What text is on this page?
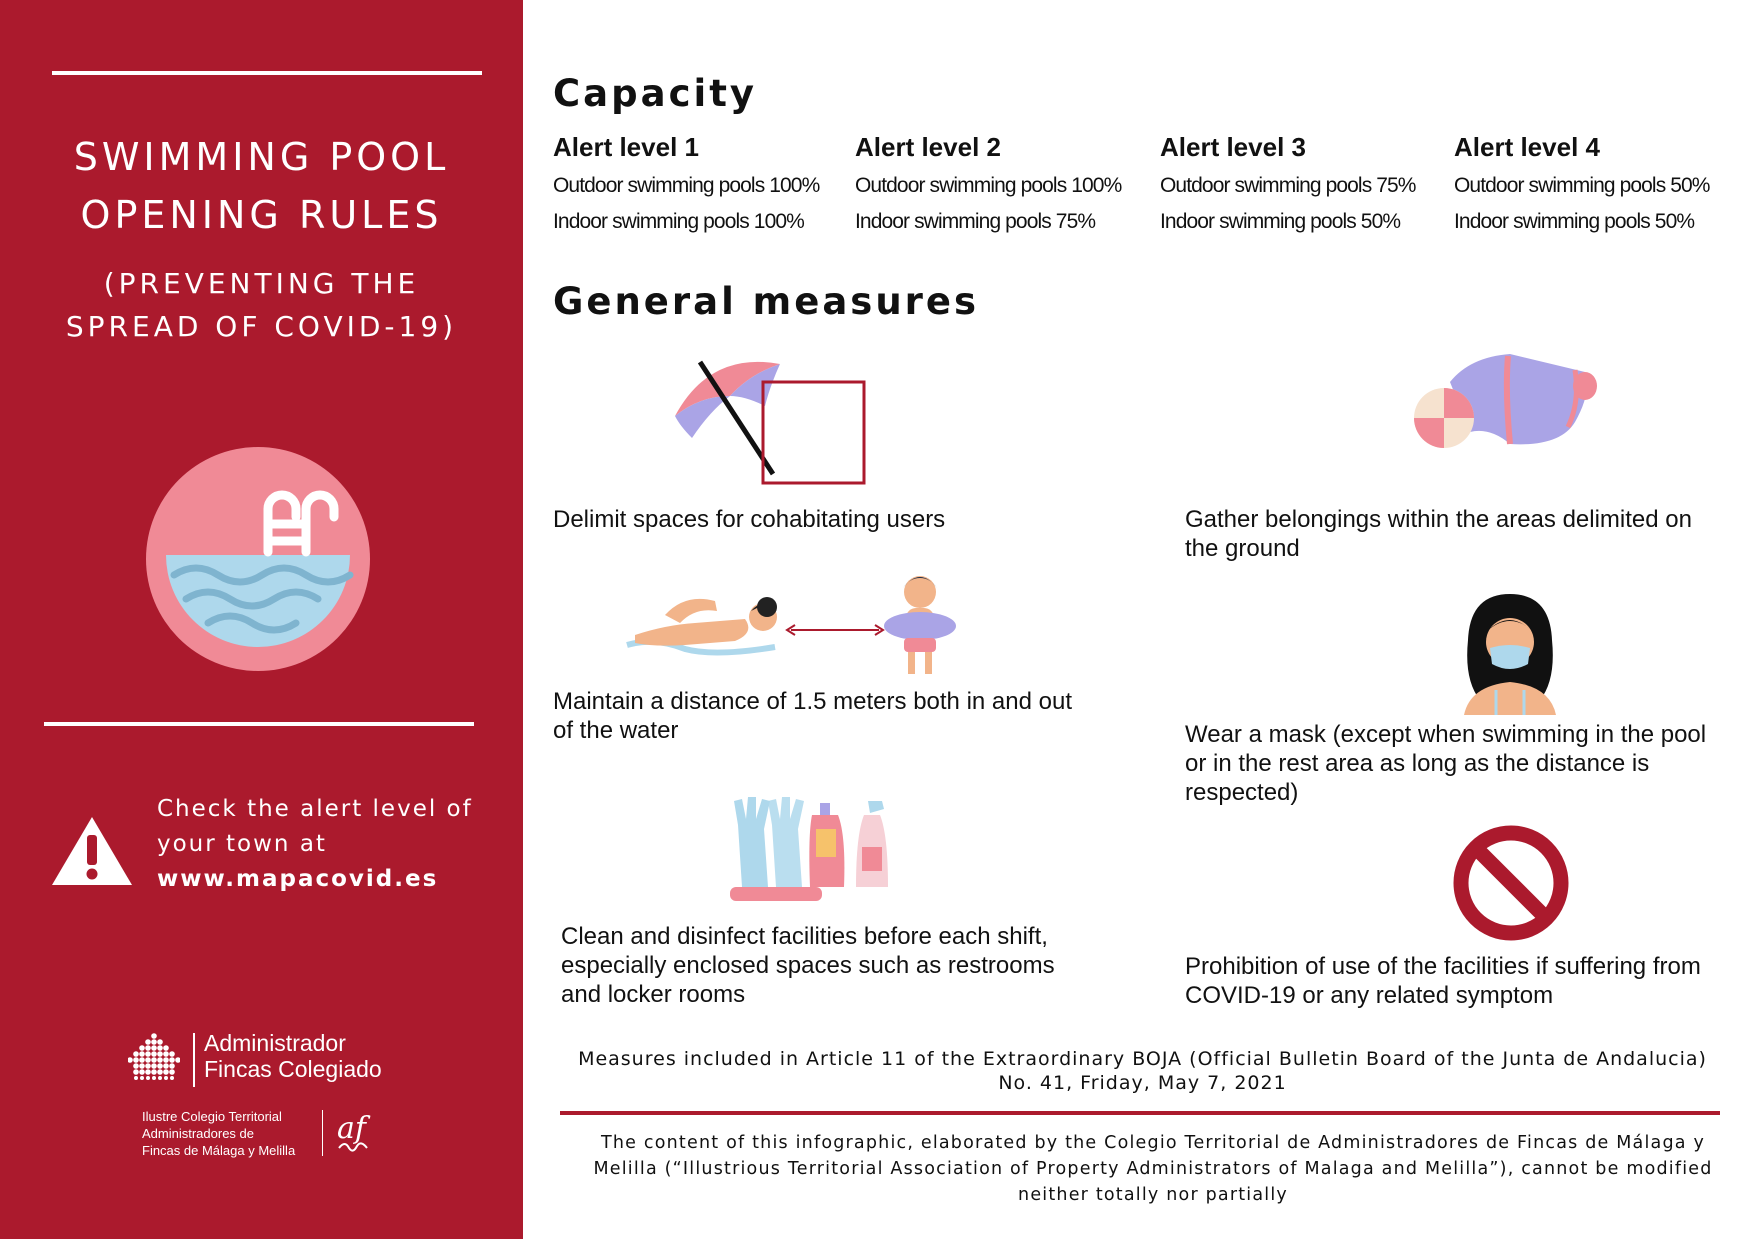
SWIMMING POOL
OPENING RULES
(PREVENTING THE
SPREAD OF COVID-19)
Check the alert level of
your town at
www.mapacovid.es
Administrador
Fincas Colegiado
Ilustre Colegio Territorial
Administradores de
Fincas de Málaga y Melilla
af
Capacity
Alert level 1
Outdoor swimming pools 100%
Indoor swimming pools 100%
Alert level 2
Outdoor swimming pools 100%
Indoor swimming pools 75%
Alert level 3
Outdoor swimming pools 75%
Indoor swimming pools 50%
Alert level 4
Outdoor swimming pools 50%
Indoor swimming pools 50%
General measures
Delimit spaces for cohabitating users	Gather belongings within the areas delimited on
the ground
Maintain a distance of 1.5 meters both in and out
of the water	Wear a mask (except when swimming in the pool
or in the rest area as long as the distance is
respected)
Clean and disinfect facilities before each shift,
especially enclosed spaces such as restrooms
and locker rooms
Prohibition of use of the facilities if suffering from
COVID-19 or any related symptom
Measures included in Article 11 of the Extraordinary BOJA (Official Bulletin Board of the Junta de Andalucia)
No. 41, Friday, May 7, 2021
The content of this infographic, elaborated by the Colegio Territorial de Administradores de Fincas de Málaga y
Melilla (“Illustrious Territorial Association of Property Administrators of Malaga and Melilla”), cannot be modified
neither totally nor partially
